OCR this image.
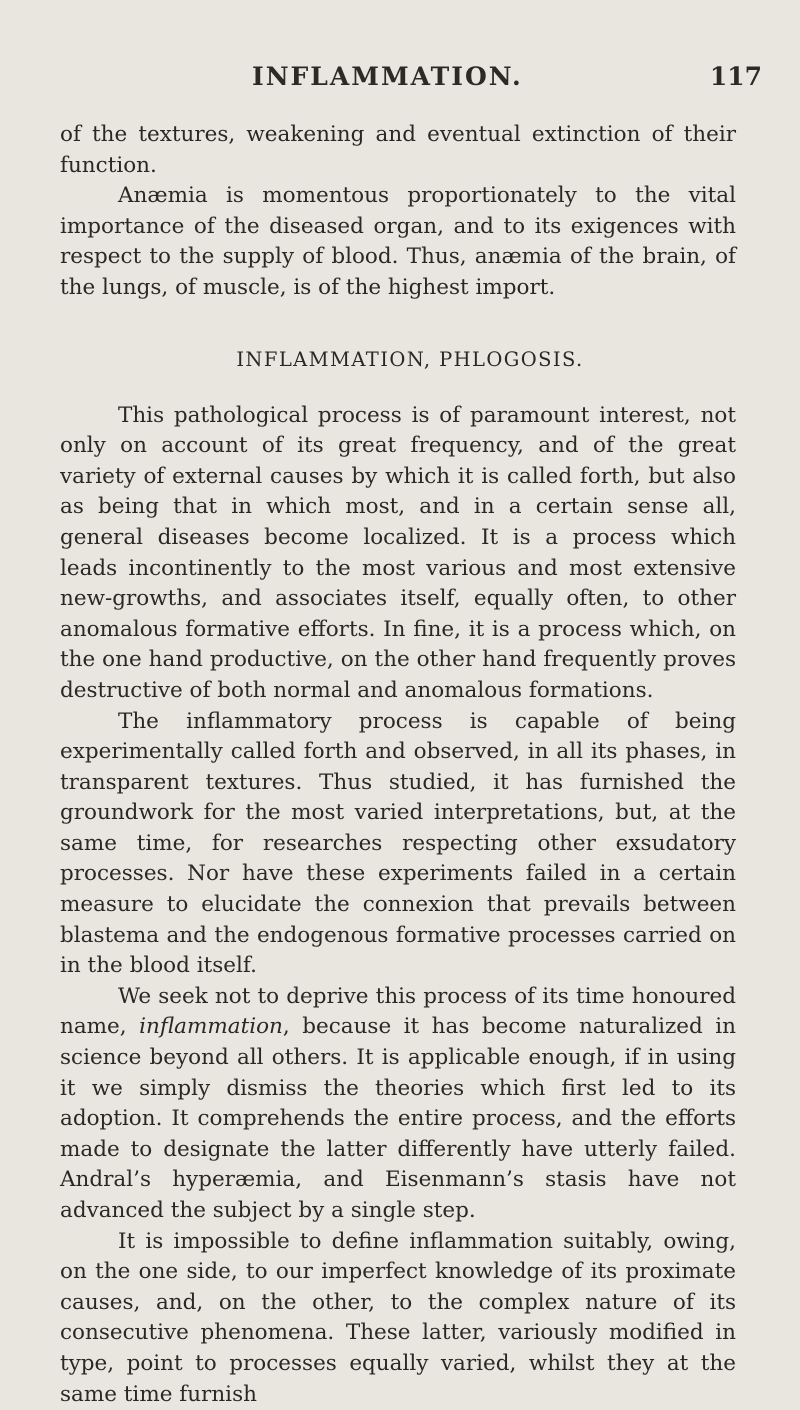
INFLAMMATION.	117

of the textures, weakening and eventual extinction of their function.

Anæmia is momentous proportionately to the vital importance of the diseased organ, and to its exigences with respect to the supply of blood. Thus, anæmia of the brain, of the lungs, of muscle, is of the highest import.

INFLAMMATION, PHLOGOSIS.

This pathological process is of paramount interest, not only on account of its great frequency, and of the great variety of external causes by which it is called forth, but also as being that in which most, and in a certain sense all, general diseases become localized. It is a process which leads incontinently to the most various and most extensive new-growths, and associates itself, equally often, to other anomalous formative efforts. In fine, it is a process which, on the one hand productive, on the other hand frequently proves destructive of both normal and anomalous formations.

The inflammatory process is capable of being experimentally called forth and observed, in all its phases, in transparent textures. Thus studied, it has furnished the groundwork for the most varied interpretations, but, at the same time, for researches respecting other exsudatory processes. Nor have these experiments failed in a certain measure to elucidate the connexion that prevails between blastema and the endogenous formative processes carried on in the blood itself.

We seek not to deprive this process of its time honoured name, inflammation, because it has become naturalized in science beyond all others. It is applicable enough, if in using it we simply dismiss the theories which first led to its adoption. It comprehends the entire process, and the efforts made to designate the latter differently have utterly failed. Andral’s hyperæmia, and Eisenmann’s stasis have not advanced the subject by a single step.

It is impossible to define inflammation suitably, owing, on the one side, to our imperfect knowledge of its proximate causes, and, on the other, to the complex nature of its consecutive phenomena. These latter, variously modified in type, point to processes equally varied, whilst they at the same time furnish
